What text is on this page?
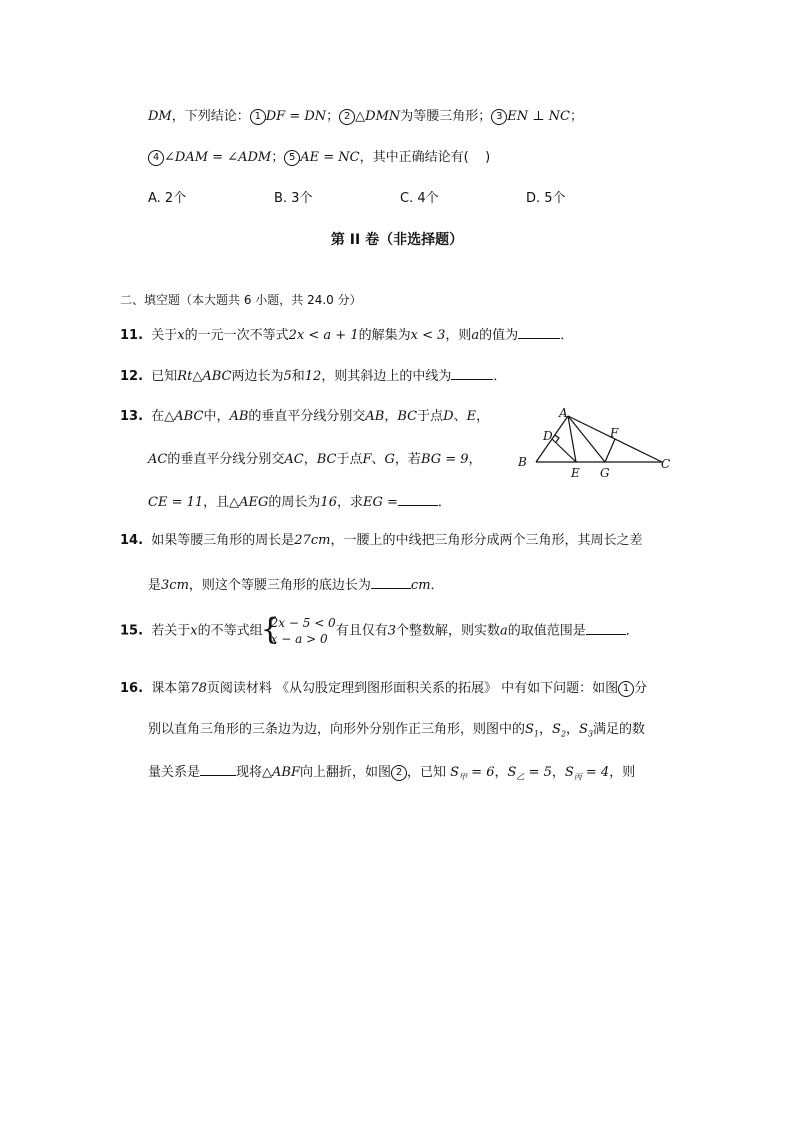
DM，下列结论： 1 DF = DN； 2 △DMN为等腰三角形； 3 EN ⊥ NC；
4 ∠DAM = ∠ADM； 5 AE = NC，其中正确结论有(    )
A. 2个	B. 3个	C. 4个	D. 5个
第 II 卷（非选择题）
二、填空题（本大题共 6 小题，共 24.0 分）
11.  关于x的一元一次不等式2x < a + 1的解集为x < 3，则a的值为	．
12.  已知Rt△ABC两边长为5和12，则其斜边上的中线为	．
13.  在△ABC中，AB的垂直平分线分别交AB，BC于点D、E，
AC的垂直平分线分别交AC，BC于点F、G，若BG = 9，
CE = 11，且△AEG的周长为16，求EG =	．
A
D	F
B
E G
C
14.  如果等腰三角形的周长是27cm，一腰上的中线把三角形分成两个三角形，其周长之差
是3cm，则这个等腰三角形的底边长为	cm．
15.  若关于x的不等式组
{
2x − 5 < 0
x − a > 0
有且仅有3个整数解，则实数a的取值范围是	．
16.  课本第78页阅读材料 《从勾股定理到图形面积关系的拓展》 中有如下问题：如图 1 分
别以直角三角形的三条边为边，向形外分别作正三角形，则图中的$S_1$，$S_2$，$S_3$满足的数
量关系是	现将△ABF向上翻折，如图 2 ，已知 $S_甲 = 6$，$S_乙 = 5$，$S_丙 = 4$，则
